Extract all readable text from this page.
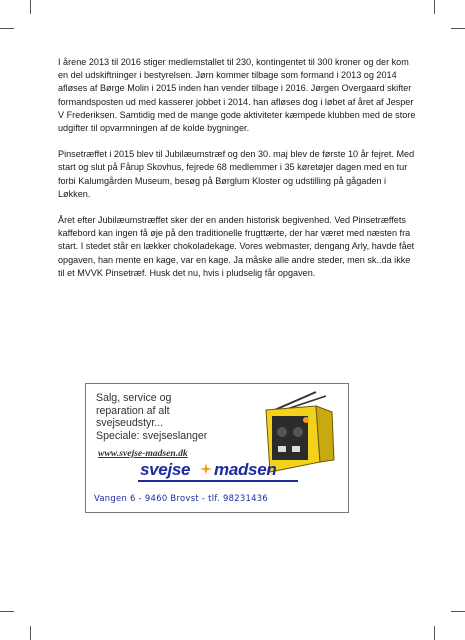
I årene 2013 til 2016 stiger medlemstallet til 230, kontingentet til 300 kroner og der kom en del udskiftninger i bestyrelsen. Jørn kommer tilbage som formand i 2013 og 2014 afløses af Børge Molin i 2015 inden han vender tilbage i 2016. Jørgen Overgaard skifter formandsposten ud med kasserer jobbet i 2014. han afløses dog i løbet af året af Jesper V Frederiksen. Samtidig med de mange gode aktiviteter kæmpede klubben med de store udgifter til opvarmningen af de kolde bygninger.

Pinsetræffet i 2015 blev til Jubilæumstræf og den 30. maj blev de første 10 år fejret. Med start og slut på Fårup Skovhus, fejrede 68 medlemmer i 35 køretøjer dagen med en tur forbi Kalumgården Museum, besøg på Børglum Kloster og udstilling på gågaden i Løkken.

Året efter Jubilæumstræffet sker der en anden historisk begivenhed. Ved Pinsetræffets kaffebord kan ingen få øje på den traditionelle frugttærte, der har været med næsten fra start. I stedet står en lækker chokoladekage. Vores webmaster, dengang Arly, havde fået opgaven, han mente en kage, var en kage. Ja måske alle andre steder, men sk..da ikke til et MVVK Pinsetræf. Husk det nu, hvis i pludselig får opgaven.

Salg, service og
reparation af alt
svejseudstyr...
Speciale: svejseslanger
www.svejse-madsen.dk
svejse madsen
Vangen 6 - 9460 Brovst - tlf. 98231436
